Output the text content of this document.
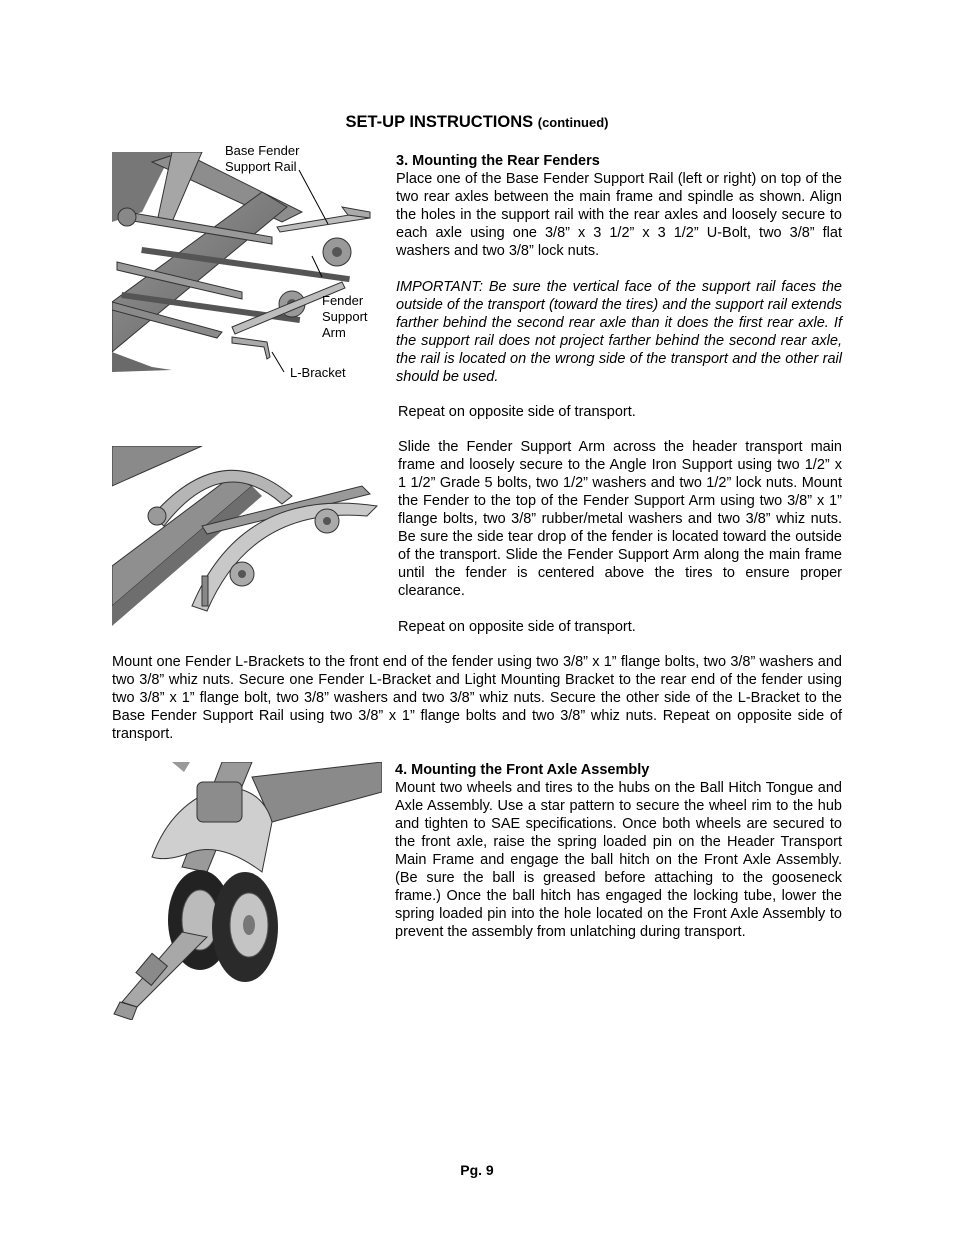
SET-UP INSTRUCTIONS (continued)
Base Fender
Support Rail
Fender
Support
Arm
L-Bracket

3. Mounting the Rear Fenders

Place one of the Base Fender Support Rail (left or right) on top of the two rear axles between the main frame and spindle as shown. Align the holes in the support rail with the rear axles and loosely secure to each axle using one 3/8” x 3 1/2” x 3 1/2” U-Bolt, two 3/8” flat washers and two 3/8” lock nuts.

IMPORTANT: Be sure the vertical face of the support rail faces the outside of the transport (toward the tires) and the support rail extends farther behind the second rear axle than it does the first rear axle. If the support rail does not project farther behind the second rear axle, the rail is located on the wrong side of the transport and the other rail should be used.

Repeat on opposite side of transport.
Slide the Fender Support Arm across the header transport main frame and loosely secure to the Angle Iron Support using two 1/2” x 1 1/2” Grade 5 bolts, two 1/2” washers and two 1/2” lock nuts. Mount the Fender to the top of the Fender Support Arm using two 3/8” x 1” flange bolts, two 3/8” rubber/metal washers and two 3/8” whiz nuts. Be sure the side tear drop of the fender is located toward the outside of the transport. Slide the Fender Support Arm along the main frame until the fender is centered above the tires to ensure proper clearance.
Repeat on opposite side of transport.
Mount one Fender L-Brackets to the front end of the fender using two 3/8” x 1” flange bolts, two 3/8” washers and two 3/8” whiz nuts. Secure one Fender L-Bracket and Light Mounting Bracket to the rear end of the fender using two 3/8” x 1” flange bolt, two 3/8” washers and two 3/8” whiz nuts. Secure the other side of the L-Bracket to the Base Fender Support Rail using two 3/8” x 1” flange bolts and two 3/8” whiz nuts. Repeat on opposite side of transport.

4. Mounting the Front Axle Assembly

Mount two wheels and tires to the hubs on the Ball Hitch Tongue and Axle Assembly. Use a star pattern to secure the wheel rim to the hub and tighten to SAE specifications. Once both wheels are secured to the front axle, raise the spring loaded pin on the Header Transport Main Frame and engage the ball hitch on the Front Axle Assembly. (Be sure the ball is greased before attaching to the gooseneck frame.) Once the ball hitch has engaged the locking tube, lower the spring loaded pin into the hole located on the Front Axle Assembly to prevent the assembly from unlatching during transport.

Pg. 9
